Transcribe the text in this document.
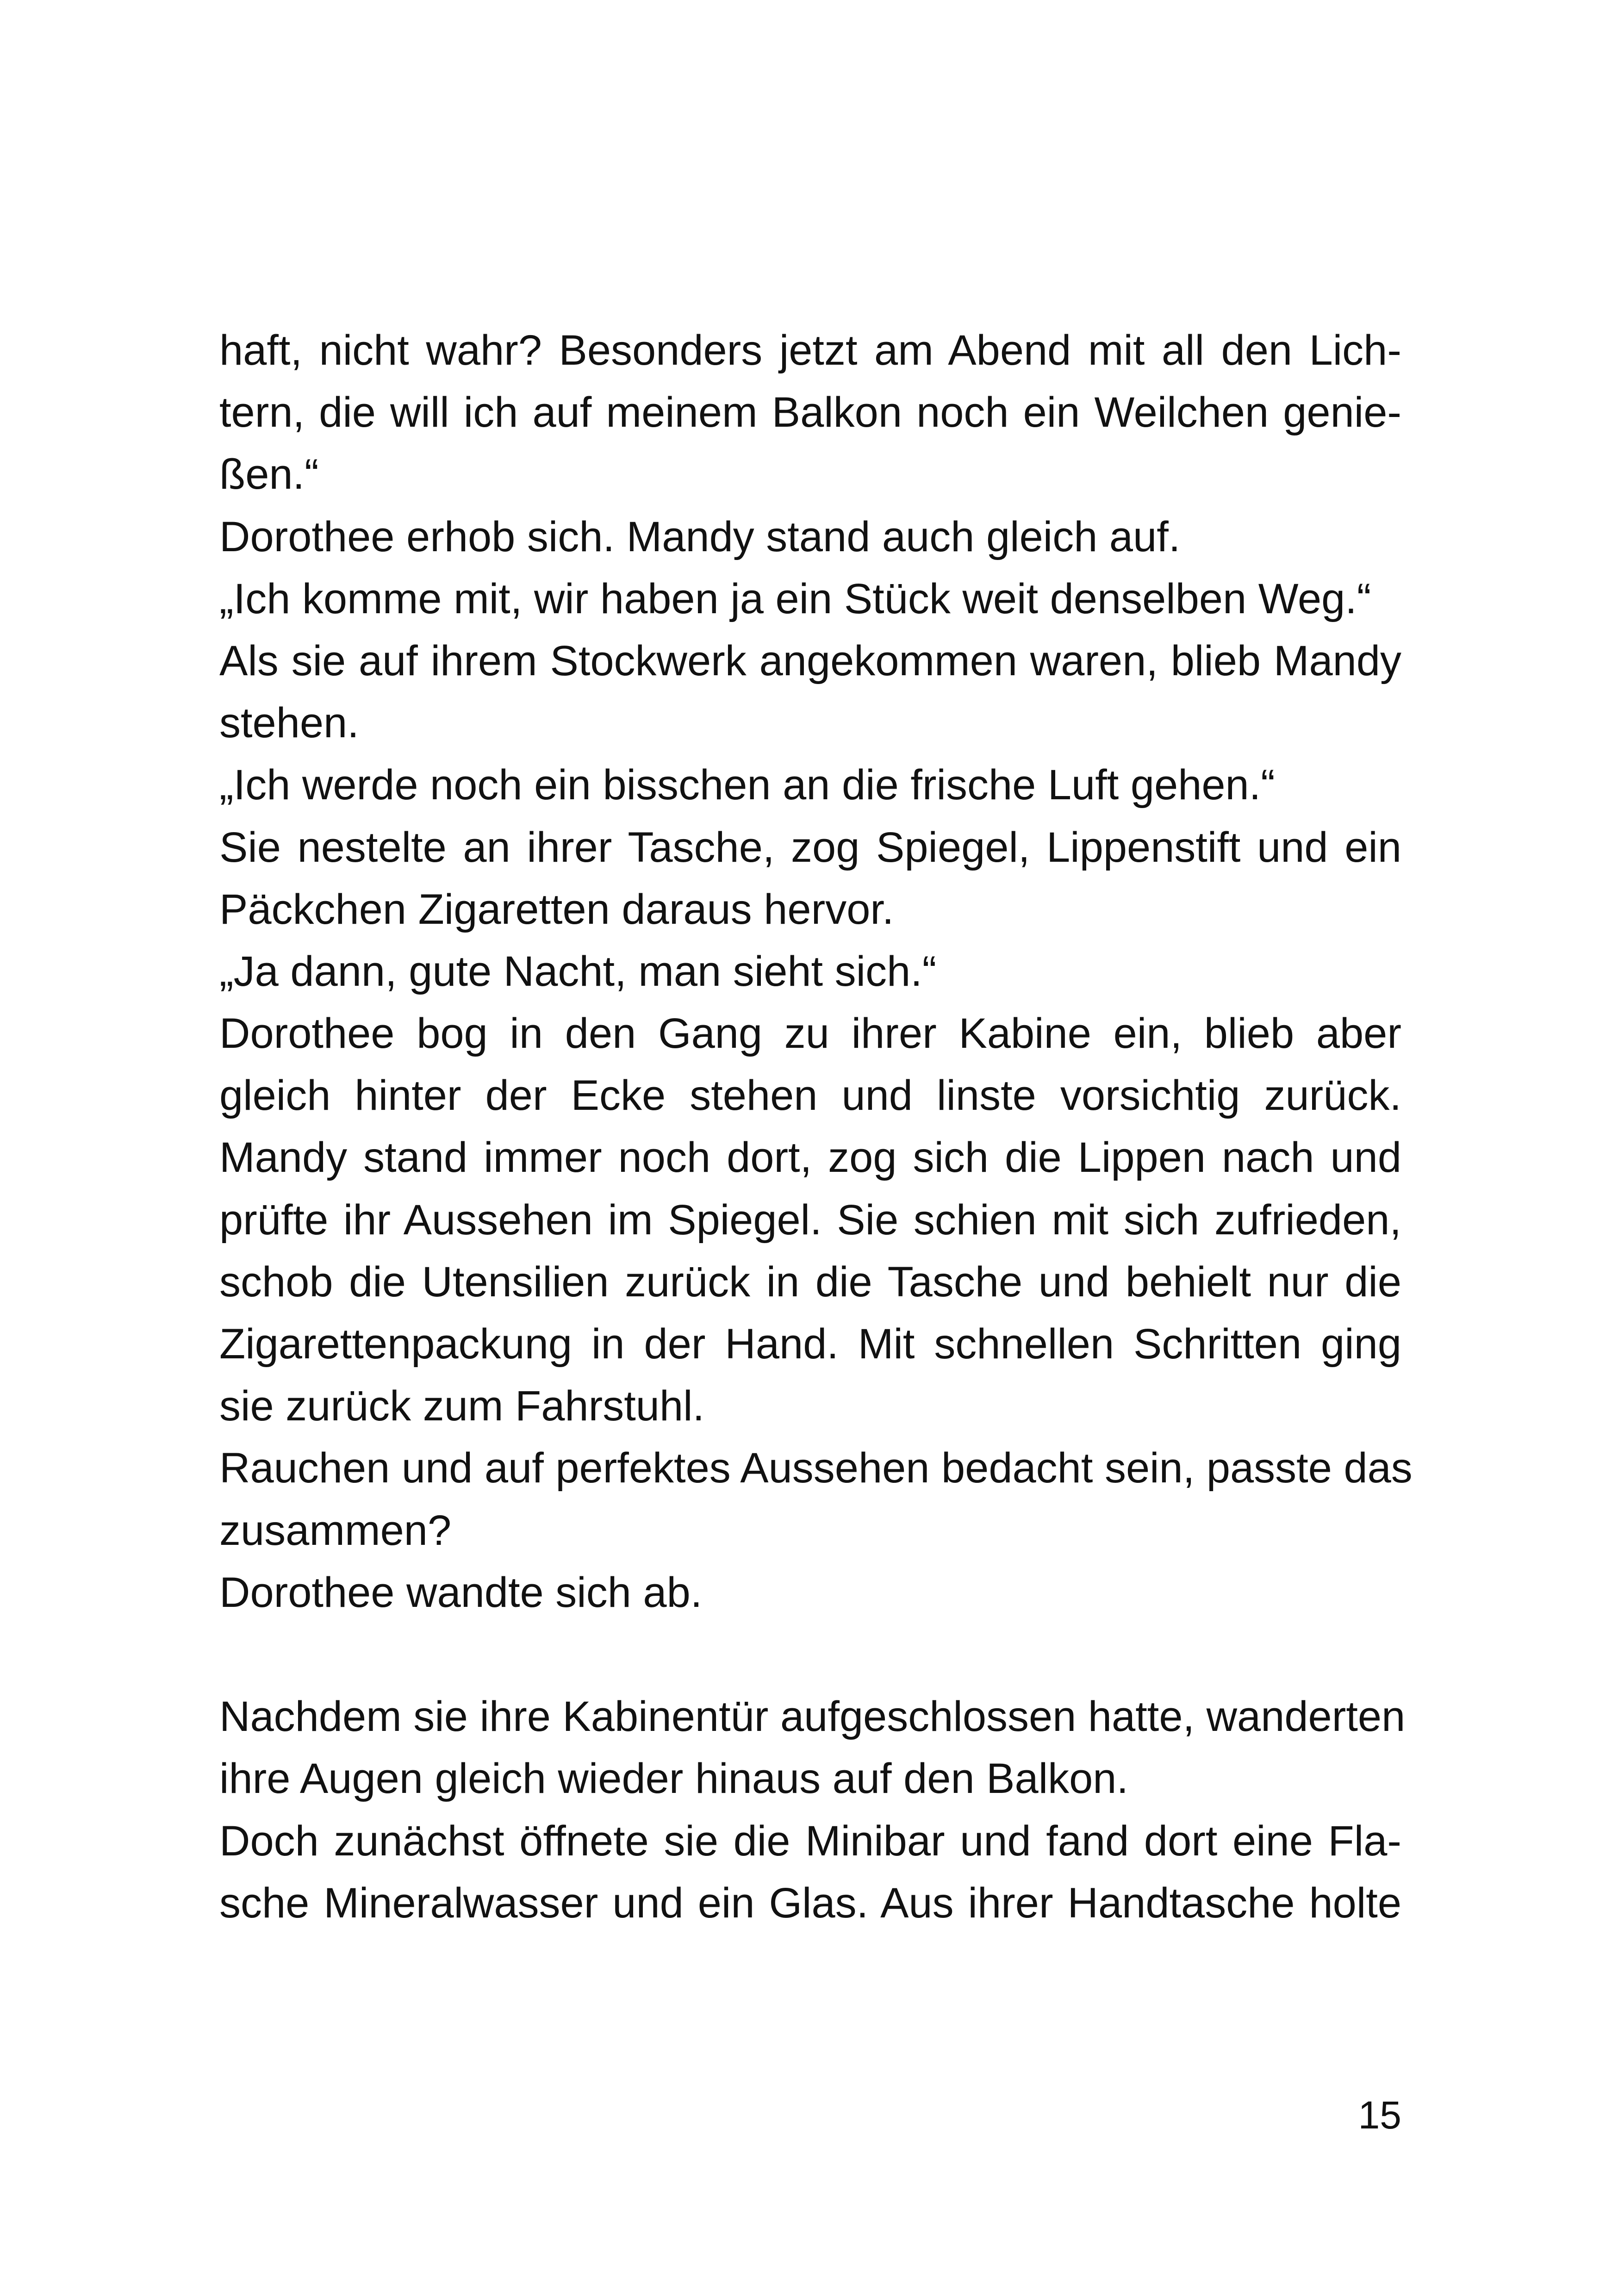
haft, nicht wahr? Besonders jetzt am Abend mit all den Lich-
tern, die will ich auf meinem Balkon noch ein Weilchen genie-
ßen.“
Dorothee erhob sich. Mandy stand auch gleich auf.
„Ich komme mit, wir haben ja ein Stück weit denselben Weg.“
Als sie auf ihrem Stockwerk angekommen waren, blieb Mandy
stehen.
„Ich werde noch ein bisschen an die frische Luft gehen.“
Sie nestelte an ihrer Tasche, zog Spiegel, Lippenstift und ein
Päckchen Zigaretten daraus hervor.
„Ja dann, gute Nacht, man sieht sich.“
Dorothee bog in den Gang zu ihrer Kabine ein, blieb aber
gleich hinter der Ecke stehen und linste vorsichtig zurück.
Mandy stand immer noch dort, zog sich die Lippen nach und
prüfte ihr Aussehen im Spiegel. Sie schien mit sich zufrieden,
schob die Utensilien zurück in die Tasche und behielt nur die
Zigarettenpackung in der Hand. Mit schnellen Schritten ging
sie zurück zum Fahrstuhl.
Rauchen und auf perfektes Aussehen bedacht sein, passte das
zusammen?
Dorothee wandte sich ab.
Nachdem sie ihre Kabinentür aufgeschlossen hatte, wanderten
ihre Augen gleich wieder hinaus auf den Balkon.
Doch zunächst öffnete sie die Minibar und fand dort eine Fla-
sche Mineralwasser und ein Glas. Aus ihrer Handtasche holte
15
